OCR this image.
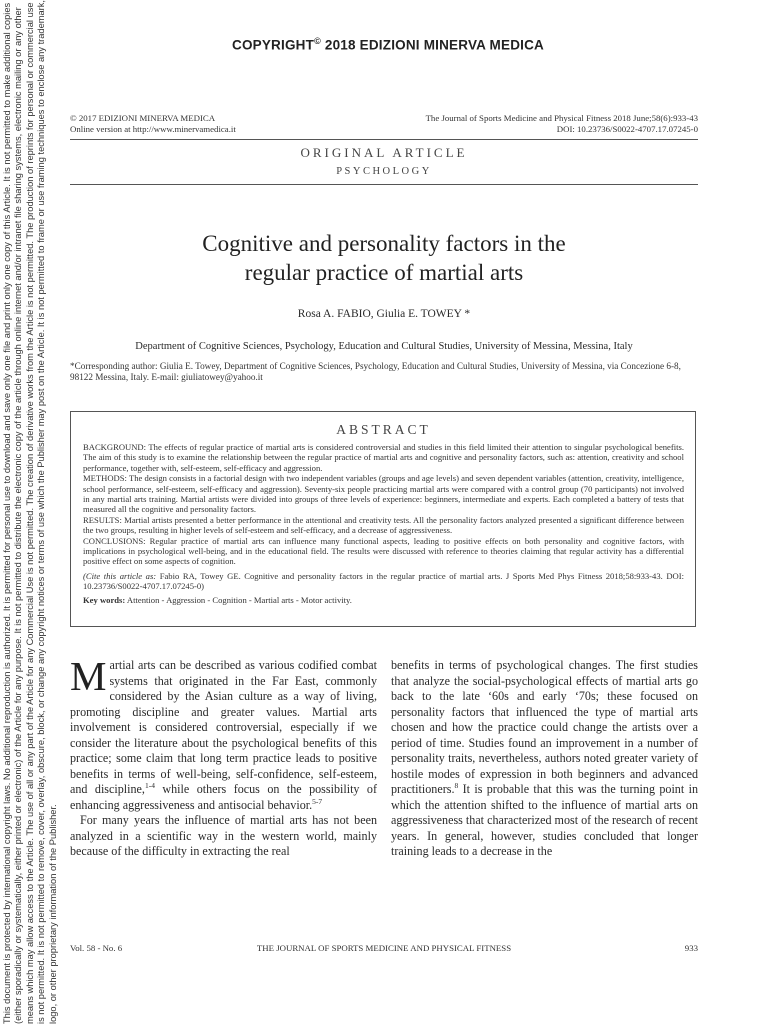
This document is protected by international copyright laws. No additional reproduction is authorized. It is permitted for personal use to download and save only one file and print only one copy of this Article. It is not permitted to make additional copies (either sporadically or systematically, either printed or electronic) of the Article for any purpose. It is not permitted to distribute the electronic copy of the article through online internet and/or intranet file sharing systems, electronic mailing or any other means which may allow access to the Article. The use of all or any part of the Article for any Commercial Use is not permitted. The creation of derivative works from the Article is not permitted. The production of reprints for personal or commercial use is not permitted. It is not permitted to remove, cover, overlay, obscure, block, or change any copyright notices or terms of use which the Publisher may post on the Article. It is not permitted to frame or use framing techniques to enclose any trademark, logo, or other proprietary information of the Publisher.
COPYRIGHT© 2018 EDIZIONI MINERVA MEDICA
© 2017 EDIZIONI MINERVA MEDICA
Online version at http://www.minervamedica.it
The Journal of Sports Medicine and Physical Fitness 2018 June;58(6):933-43
DOI: 10.23736/S0022-4707.17.07245-0
ORIGINAL ARTICLE
PSYCHOLOGY
Cognitive and personality factors in the
regular practice of martial arts
Rosa A. FABIO, Giulia E. TOWEY *
Department of Cognitive Sciences, Psychology, Education and Cultural Studies, University of Messina, Messina, Italy
*Corresponding author: Giulia E. Towey, Department of Cognitive Sciences, Psychology, Education and Cultural Studies, University of Messina, via Concezione 6-8, 98122 Messina, Italy. E-mail: giuliatowey@yahoo.it
ABSTRACT

BACKGROUND: The effects of regular practice of martial arts is considered controversial and studies in this field limited their attention to singular psychological benefits. The aim of this study is to examine the relationship between the regular practice of martial arts and cognitive and personality factors, such as: attention, creativity and school performance, together with, self-esteem, self-efficacy and aggression.

METHODS: The design consists in a factorial design with two independent variables (groups and age levels) and seven dependent variables (attention, creativity, intelligence, school performance, self-esteem, self-efficacy and aggression). Seventy-six people practicing martial arts were compared with a control group (70 participants) not involved in any martial arts training. Martial artists were divided into groups of three levels of experience: beginners, intermediate and experts. Each completed a battery of tests that measured all the cognitive and personality factors.

RESULTS: Martial artists presented a better performance in the attentional and creativity tests. All the personality factors analyzed presented a significant difference between the two groups, resulting in higher levels of self-esteem and self-efficacy, and a decrease of aggressiveness.

CONCLUSIONS: Regular practice of martial arts can influence many functional aspects, leading to positive effects on both personality and cognitive factors, with implications in psychological well-being, and in the educational field. The results were discussed with reference to theories claiming that regular activity has a differential positive effect on some aspects of cognition.

(Cite this article as: Fabio RA, Towey GE. Cognitive and personality factors in the regular practice of martial arts. J Sports Med Phys Fitness 2018;58:933-43. DOI: 10.23736/S0022-4707.17.07245-0)

Key words: Attention - Aggression - Cognition - Martial arts - Motor activity.

Martial arts can be described as various codified combat systems that originated in the Far East, commonly considered by the Asian culture as a way of living, promoting discipline and greater values. Martial arts involvement is considered controversial, especially if we consider the literature about the psychological benefits of this practice; some claim that long term practice leads to positive benefits in terms of well-being, self-confidence, self-esteem, and discipline,$^{1-4}$ while others focus on the possibility of enhancing aggressiveness and antisocial behavior.$^{5-7}$

For many years the influence of martial arts has not been analyzed in a scientific way in the western world, mainly because of the difficulty in extracting the real

benefits in terms of psychological changes. The first studies that analyze the social-psychological effects of martial arts go back to the late ‘60s and early ‘70s; these focused on personality factors that influenced the type of martial arts chosen and how the practice could change the artists over a period of time. Studies found an improvement in a number of personality traits, nevertheless, authors noted greater variety of hostile modes of expression in both beginners and advanced practitioners.$^8$ It is probable that this was the turning point in which the attention shifted to the influence of martial arts on aggressiveness that characterized most of the research of recent years. In general, however, studies concluded that longer training leads to a decrease in the

Vol. 58 - No. 6	THE JOURNAL OF SPORTS MEDICINE AND PHYSICAL FITNESS	933
